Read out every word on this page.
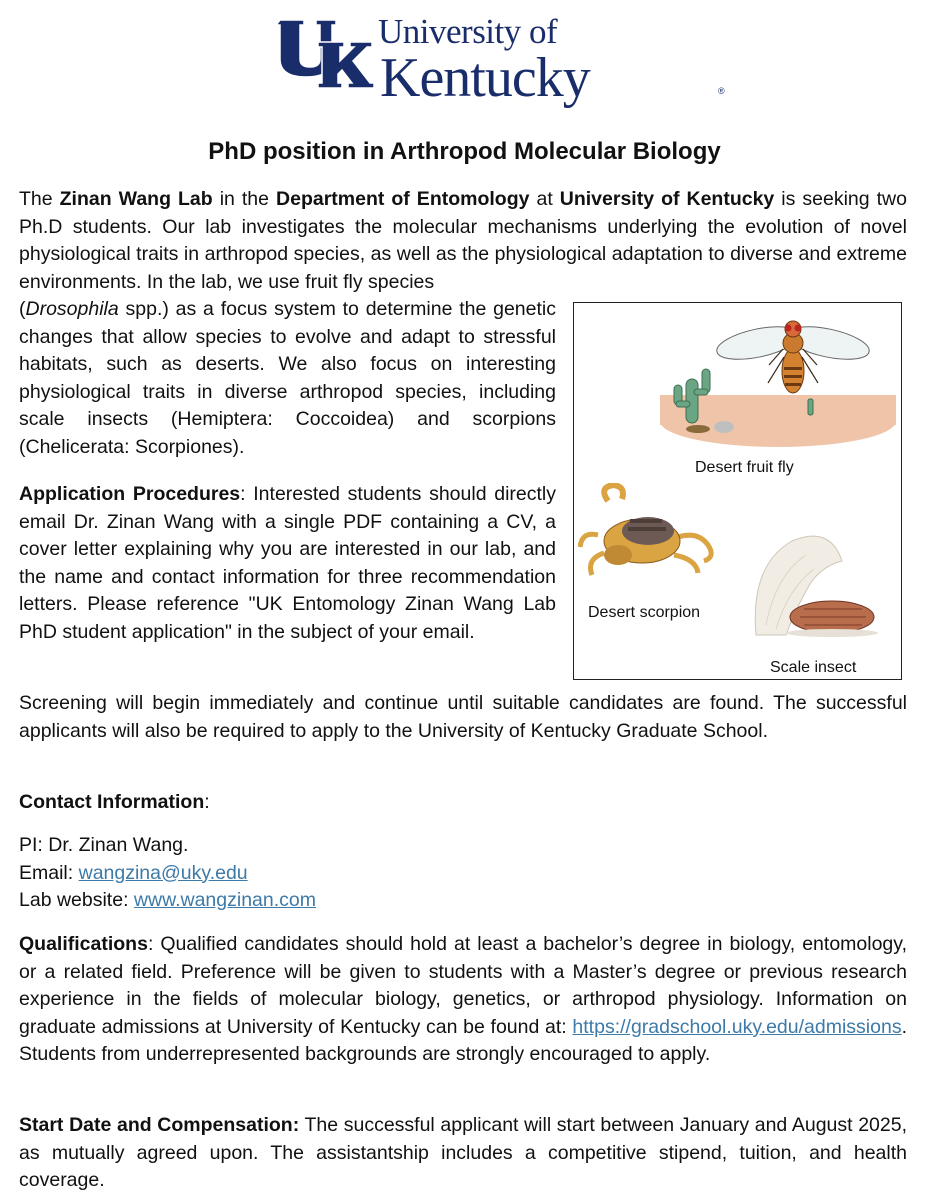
University of
Kentucky	®
PhD position in Arthropod Molecular Biology
The Zinan Wang Lab in the Department of Entomology at University of Kentucky is seeking two Ph.D students. Our lab investigates the molecular mechanisms underlying the evolution of novel physiological traits in arthropod species, as well as the physiological adaptation to diverse and extreme environments. In the lab, we use fruit fly species
(Drosophila spp.) as a focus system to determine the genetic changes that allow species to evolve and adapt to stressful habitats, such as deserts. We also focus on interesting physiological traits in diverse arthropod species, including scale insects (Hemiptera: Coccoidea) and scorpions (Chelicerata: Scorpiones).
Application Procedures: Interested students should directly email Dr. Zinan Wang with a single PDF containing a CV, a cover letter explaining why you are interested in our lab, and the name and contact information for three recommendation letters. Please reference "UK Entomology Zinan Wang Lab PhD student application" in the subject of your email.
Desert fruit fly
Desert scorpion
Scale insect
Screening will begin immediately and continue until suitable candidates are found. The successful applicants will also be required to apply to the University of Kentucky Graduate School.
Contact Information:
PI: Dr. Zinan Wang.
Email: wangzina@uky.edu
Lab website: www.wangzinan.com
Qualifications: Qualified candidates should hold at least a bachelor’s degree in biology, entomology, or a related field. Preference will be given to students with a Master’s degree or previous research experience in the fields of molecular biology, genetics, or arthropod physiology. Information on graduate admissions at University of Kentucky can be found at: https://gradschool.uky.edu/admissions. Students from underrepresented backgrounds are strongly encouraged to apply.
Start Date and Compensation: The successful applicant will start between January and August 2025, as mutually agreed upon. The assistantship includes a competitive stipend, tuition, and health coverage.
